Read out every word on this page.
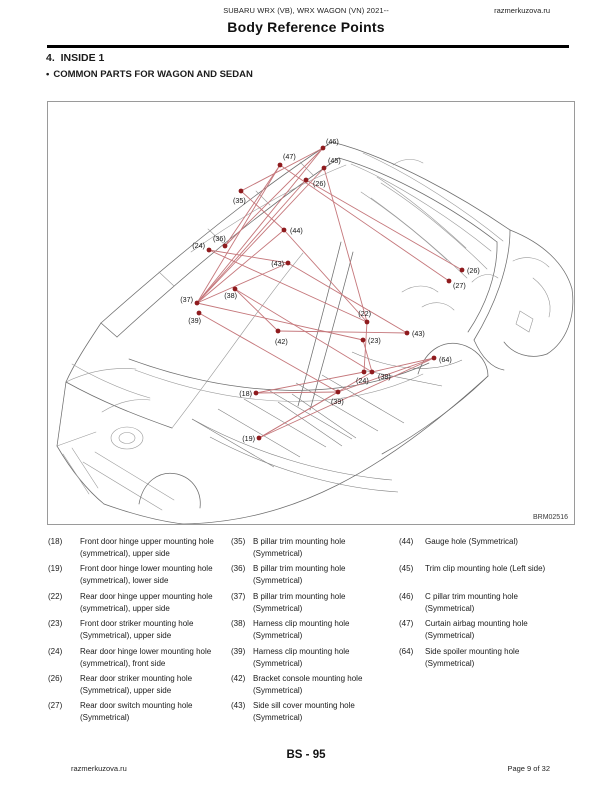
SUBARU WRX (VB), WRX WAGON (VN) 2021--	razmerkuzova.ru
Body Reference Points
4.  INSIDE 1
• COMMON PARTS FOR WAGON AND SEDAN
(46)
(45)
(47)
(26)
(35)
(44)
(36)
(24)
(43)
(26)
(27)
(38)
(37)
(39)
(22)
(23)
(43)
(42)
(64)
(24) (38)
(18)
(39)
(19)
BRM02516
(18)	Front door hinge upper mounting hole (symmetrical), upper side
(19)	Front door hinge lower mounting hole (symmetrical), lower side
(22)	Rear door hinge upper mounting hole (symmetrical), upper side
(23)	Front door striker mounting hole (Symmetrical), upper side
(24)	Rear door hinge lower mounting hole (symmetrical), front side
(26)	Rear door striker mounting hole (Symmetrical), upper side
(27)	Rear door switch mounting hole (Symmetrical)
(35) B pillar trim mounting hole (Symmetrical)
(36) B pillar trim mounting hole (Symmetrical)
(37) B pillar trim mounting hole (Symmetrical)
(38) Harness clip mounting hole (Symmetrical)
(39) Harness clip mounting hole (Symmetrical)
(42) Bracket console mounting hole (Symmetrical)
(43) Side sill cover mounting hole (Symmetrical)
(44)	Gauge hole (Symmetrical)
(45)	Trim clip mounting hole (Left side)
(46)	C pillar trim mounting hole (Symmetrical)
(47)	Curtain airbag mounting hole (Symmetrical)
(64)	Side spoiler mounting hole (Symmetrical)
BS - 95
razmerkuzova.ru	Page 9 of 32
